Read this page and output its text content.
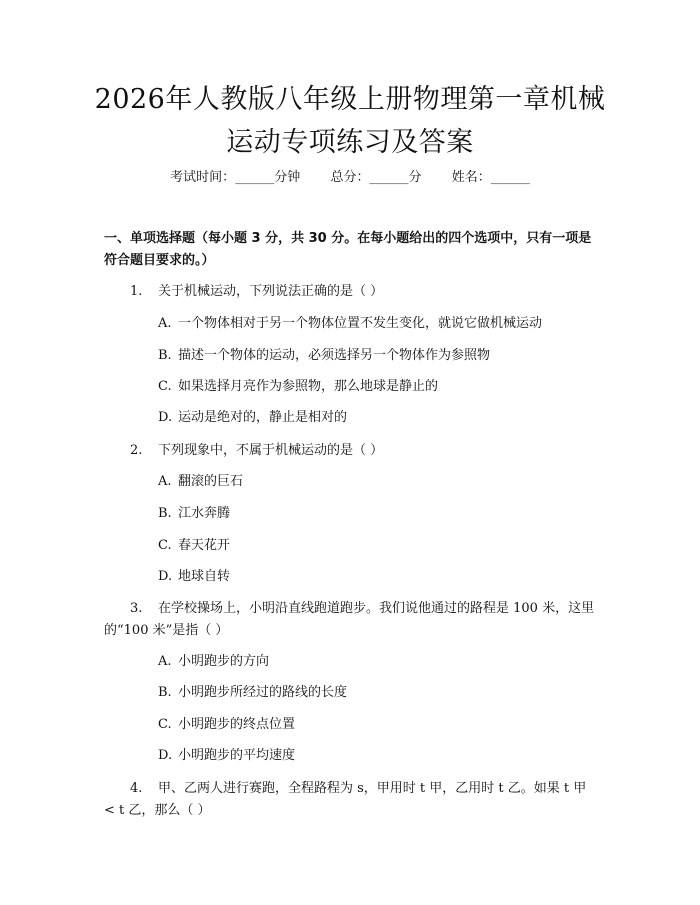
2026年人教版八年级上册物理第一章机械运动专项练习及答案
考试时间：______分钟 总分：______分 姓名：______
一、单项选择题（每小题 3 分，共 30 分。在每小题给出的四个选项中，只有一项是符合题目要求的。）
1. 关于机械运动，下列说法正确的是（ ）
A. 一个物体相对于另一个物体位置不发生变化，就说它做机械运动
B. 描述一个物体的运动，必须选择另一个物体作为参照物
C. 如果选择月亮作为参照物，那么地球是静止的
D. 运动是绝对的，静止是相对的
2. 下列现象中，不属于机械运动的是（ ）
A. 翻滚的巨石
B. 江水奔腾
C. 春天花开
D. 地球自转
3. 在学校操场上，小明沿直线跑道跑步。我们说他通过的路程是 100 米，这里的“100 米”是指（ ）
A. 小明跑步的方向
B. 小明跑步所经过的路线的长度
C. 小明跑步的终点位置
D. 小明跑步的平均速度
4. 甲、乙两人进行赛跑，全程路程为 s，甲用时 t 甲，乙用时 t 乙。如果 t 甲 < t 乙，那么（ ）
